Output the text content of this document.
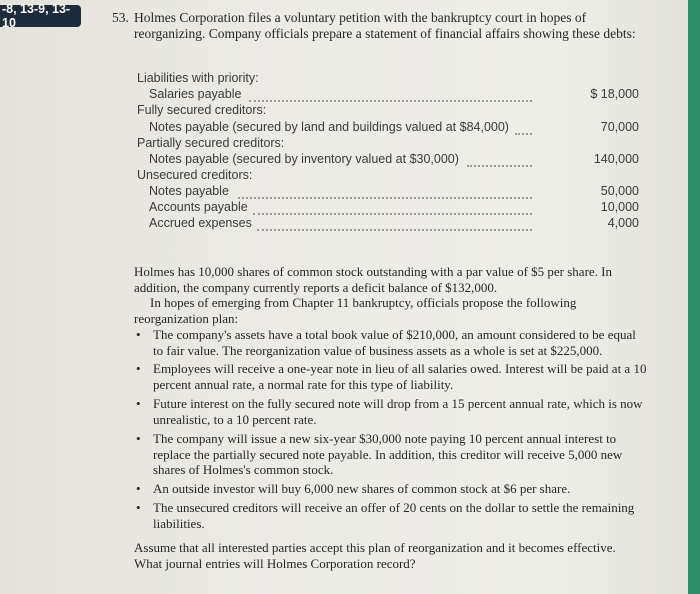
-8, 13-9, 13-10	53. Holmes Corporation files a voluntary petition with the bankruptcy court in hopes of reorganizing. Company officials prepare a statement of financial affairs showing these debts:
Liabilities with priority:
Salaries payable	$ 18,000
Fully secured creditors:
Notes payable (secured by land and buildings valued at $84,000)	70,000
Partially secured creditors:
Notes payable (secured by inventory valued at $30,000)	140,000
Unsecured creditors:
Notes payable	50,000
Accounts payable	10,000
Accrued expenses	4,000
Holmes has 10,000 shares of common stock outstanding with a par value of $5 per share. In addition, the company currently reports a deficit balance of $132,000.
In hopes of emerging from Chapter 11 bankruptcy, officials propose the following reorganization plan:
• The company's assets have a total book value of $210,000, an amount considered to be equal to fair value. The reorganization value of business assets as a whole is set at $225,000.
• Employees will receive a one-year note in lieu of all salaries owed. Interest will be paid at a 10 percent annual rate, a normal rate for this type of liability.
• Future interest on the fully secured note will drop from a 15 percent annual rate, which is now unrealistic, to a 10 percent rate.
• The company will issue a new six-year $30,000 note paying 10 percent annual interest to replace the partially secured note payable. In addition, this creditor will receive 5,000 new shares of Holmes's common stock.
• An outside investor will buy 6,000 new shares of common stock at $6 per share.
• The unsecured creditors will receive an offer of 20 cents on the dollar to settle the remaining liabilities.
Assume that all interested parties accept this plan of reorganization and it becomes effective. What journal entries will Holmes Corporation record?
